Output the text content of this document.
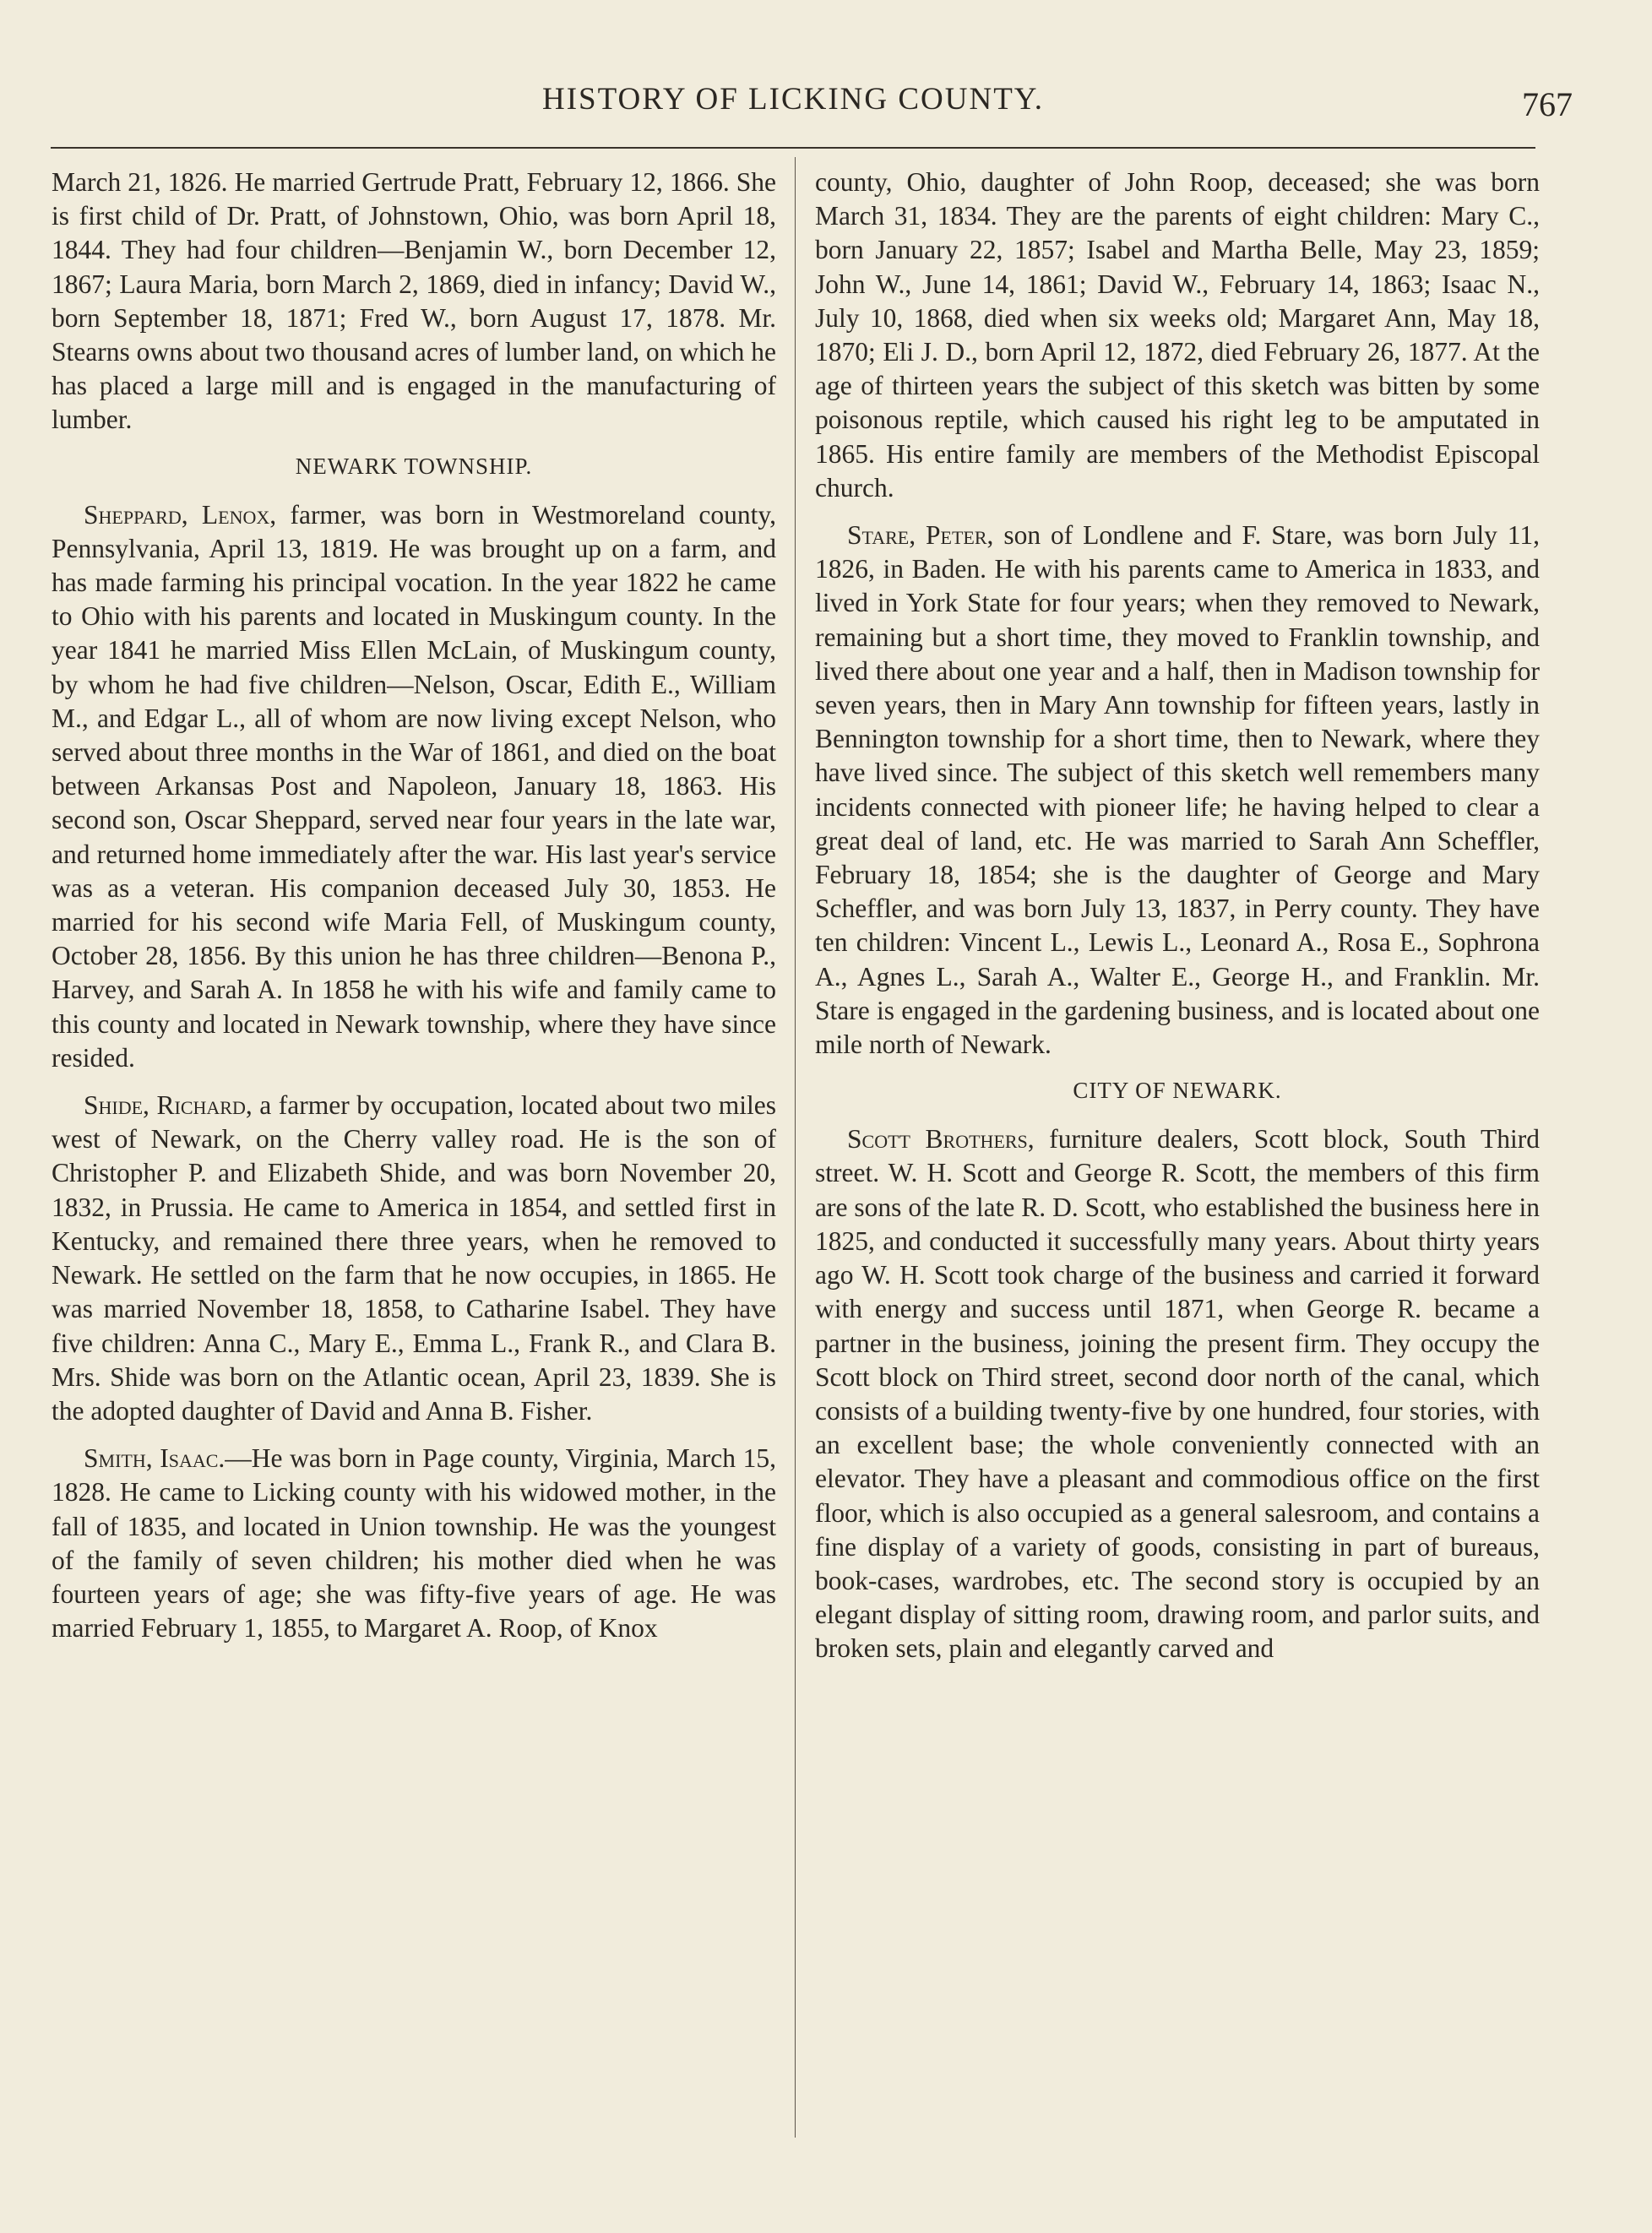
HISTORY OF LICKING COUNTY.	767

March 21, 1826. He married Gertrude Pratt, February 12, 1866. She is first child of Dr. Pratt, of Johnstown, Ohio, was born April 18, 1844. They had four children—Benjamin W., born December 12, 1867; Laura Maria, born March 2, 1869, died in infancy; David W., born September 18, 1871; Fred W., born August 17, 1878. Mr. Stearns owns about two thousand acres of lumber land, on which he has placed a large mill and is engaged in the manufacturing of lumber.

NEWARK TOWNSHIP.

Sheppard, Lenox, farmer, was born in Westmoreland county, Pennsylvania, April 13, 1819. He was brought up on a farm, and has made farming his principal vocation. In the year 1822 he came to Ohio with his parents and located in Muskingum county. In the year 1841 he married Miss Ellen McLain, of Muskingum county, by whom he had five children—Nelson, Oscar, Edith E., William M., and Edgar L., all of whom are now living except Nelson, who served about three months in the War of 1861, and died on the boat between Arkansas Post and Napoleon, January 18, 1863. His second son, Oscar Sheppard, served near four years in the late war, and returned home immediately after the war. His last year's service was as a veteran. His companion deceased July 30, 1853. He married for his second wife Maria Fell, of Muskingum county, October 28, 1856. By this union he has three children—Benona P., Harvey, and Sarah A. In 1858 he with his wife and family came to this county and located in Newark township, where they have since resided.

Shide, Richard, a farmer by occupation, located about two miles west of Newark, on the Cherry valley road. He is the son of Christopher P. and Elizabeth Shide, and was born November 20, 1832, in Prussia. He came to America in 1854, and settled first in Kentucky, and remained there three years, when he removed to Newark. He settled on the farm that he now occupies, in 1865. He was married November 18, 1858, to Catharine Isabel. They have five children: Anna C., Mary E., Emma L., Frank R., and Clara B. Mrs. Shide was born on the Atlantic ocean, April 23, 1839. She is the adopted daughter of David and Anna B. Fisher.

Smith, Isaac.—He was born in Page county, Virginia, March 15, 1828. He came to Licking county with his widowed mother, in the fall of 1835, and located in Union township. He was the youngest of the family of seven children; his mother died when he was fourteen years of age; she was fifty-five years of age. He was married February 1, 1855, to Margaret A. Roop, of Knox

county, Ohio, daughter of John Roop, deceased; she was born March 31, 1834. They are the parents of eight children: Mary C., born January 22, 1857; Isabel and Martha Belle, May 23, 1859; John W., June 14, 1861; David W., February 14, 1863; Isaac N., July 10, 1868, died when six weeks old; Margaret Ann, May 18, 1870; Eli J. D., born April 12, 1872, died February 26, 1877. At the age of thirteen years the subject of this sketch was bitten by some poisonous reptile, which caused his right leg to be amputated in 1865. His entire family are members of the Methodist Episcopal church.

Stare, Peter, son of Londlene and F. Stare, was born July 11, 1826, in Baden. He with his parents came to America in 1833, and lived in York State for four years; when they removed to Newark, remaining but a short time, they moved to Franklin township, and lived there about one year and a half, then in Madison township for seven years, then in Mary Ann township for fifteen years, lastly in Bennington township for a short time, then to Newark, where they have lived since. The subject of this sketch well remembers many incidents connected with pioneer life; he having helped to clear a great deal of land, etc. He was married to Sarah Ann Scheffler, February 18, 1854; she is the daughter of George and Mary Scheffler, and was born July 13, 1837, in Perry county. They have ten children: Vincent L., Lewis L., Leonard A., Rosa E., Sophrona A., Agnes L., Sarah A., Walter E., George H., and Franklin. Mr. Stare is engaged in the gardening business, and is located about one mile north of Newark.

CITY OF NEWARK.

Scott Brothers, furniture dealers, Scott block, South Third street. W. H. Scott and George R. Scott, the members of this firm are sons of the late R. D. Scott, who established the business here in 1825, and conducted it successfully many years. About thirty years ago W. H. Scott took charge of the business and carried it forward with energy and success until 1871, when George R. became a partner in the business, joining the present firm. They occupy the Scott block on Third street, second door north of the canal, which consists of a building twenty-five by one hundred, four stories, with an excellent base; the whole conveniently connected with an elevator. They have a pleasant and commodious office on the first floor, which is also occupied as a general salesroom, and contains a fine display of a variety of goods, consisting in part of bureaus, book-cases, wardrobes, etc. The second story is occupied by an elegant display of sitting room, drawing room, and parlor suits, and broken sets, plain and elegantly carved and
